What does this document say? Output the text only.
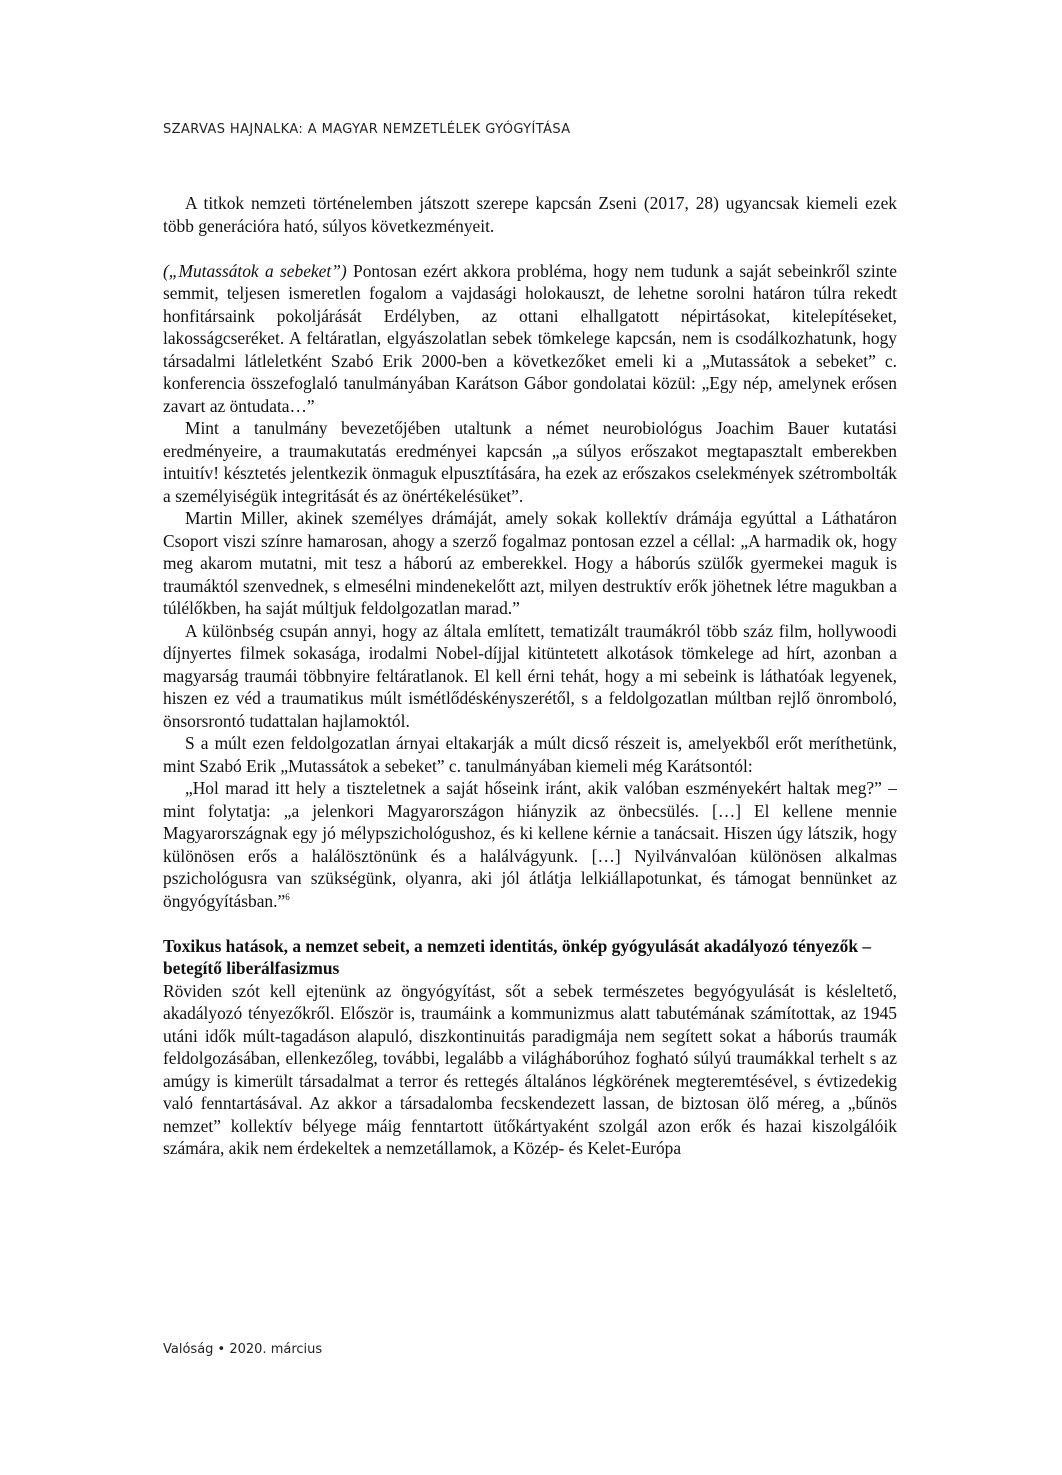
SZARVAS HAJNALKA: A MAGYAR NEMZETLÉLEK GYÓGYÍTÁSA

A titkok nemzeti történelemben játszott szerepe kapcsán Zseni (2017, 28) ugyancsak kiemeli ezek több generációra ható, súlyos következményeit.

(„Mutassátok a sebeket”) Pontosan ezért akkora probléma, hogy nem tudunk a saját sebeinkről szinte semmit, teljesen ismeretlen fogalom a vajdasági holokauszt, de lehetne sorolni határon túlra rekedt honfitársaink pokoljárását Erdélyben, az ottani elhallgatott népirtásokat, kitelepítéseket, lakosságcseréket. A feltáratlan, elgyászolatlan sebek tömkelege kapcsán, nem is csodálkozhatunk, hogy társadalmi látleletként Szabó Erik 2000-ben a következőket emeli ki a „Mutassátok a sebeket” c. konferencia összefoglaló tanulmányában Karátson Gábor gondolatai közül: „Egy nép, amelynek erősen zavart az öntudata…”

Mint a tanulmány bevezetőjében utaltunk a német neurobiológus Joachim Bauer kutatási eredményeire, a traumakutatás eredményei kapcsán „a súlyos erőszakot megtapasztalt emberekben intuitív! késztetés jelentkezik önmaguk elpusztítására, ha ezek az erőszakos cselekmények szétrombolták a személyiségük integritását és az önértékelésüket”.

Martin Miller, akinek személyes drámáját, amely sokak kollektív drámája egyúttal a Láthatáron Csoport viszi színre hamarosan, ahogy a szerző fogalmaz pontosan ezzel a céllal: „A harmadik ok, hogy meg akarom mutatni, mit tesz a háború az emberekkel. Hogy a háborús szülők gyermekei maguk is traumáktól szenvednek, s elmesélni mindenekelőtt azt, milyen destruktív erők jöhetnek létre magukban a túlélőkben, ha saját múltjuk feldolgozatlan marad.”

A különbség csupán annyi, hogy az általa említett, tematizált traumákról több száz film, hollywoodi díjnyertes filmek sokasága, irodalmi Nobel-díjjal kitüntetett alkotások tömkelege ad hírt, azonban a magyarság traumái többnyire feltáratlanok. El kell érni tehát, hogy a mi sebeink is láthatóak legyenek, hiszen ez véd a traumatikus múlt ismétlődéskényszerétől, s a feldolgozatlan múltban rejlő önromboló, önsorsrontó tudattalan hajlamoktól.

S a múlt ezen feldolgozatlan árnyai eltakarják a múlt dicső részeit is, amelyekből erőt meríthetünk, mint Szabó Erik „Mutassátok a sebeket” c. tanulmányában kiemeli még Karátsontól:

„Hol marad itt hely a tiszteletnek a saját hőseink iránt, akik valóban eszményekért haltak meg?” – mint folytatja: „a jelenkori Magyarországon hiányzik az önbecsülés. […] El kellene mennie Magyarországnak egy jó mélypszichológushoz, és ki kellene kérnie a tanácsait. Hiszen úgy látszik, hogy különösen erős a halálösztönünk és a halálvágyunk. […] Nyilvánvalóan különösen alkalmas pszichológusra van szükségünk, olyanra, aki jól átlátja lelkiállapotunkat, és támogat bennünket az öngyógyításban.”$^6$

Toxikus hatások, a nemzet sebeit, a nemzeti identitás, önkép gyógyulását akadályozó tényezők – betegítő liberálfasizmus

Röviden szót kell ejtenünk az öngyógyítást, sőt a sebek természetes begyógyulását is késleltető, akadályozó tényezőkről. Először is, traumáink a kommunizmus alatt tabutémának számítottak, az 1945 utáni idők múlt-tagadáson alapuló, diszkontinuitás paradigmája nem segített sokat a háborús traumák feldolgozásában, ellenkezőleg, további, legalább a világháborúhoz fogható súlyú traumákkal terhelt s az amúgy is kimerült társadalmat a terror és rettegés általános légkörének megteremtésével, s évtizedekig való fenntartásával. Az akkor a társadalomba fecskendezett lassan, de biztosan ölő méreg, a „bűnös nemzet” kollektív bélyege máig fenntartott ütőkártyaként szolgál azon erők és hazai kiszolgálóik számára, akik nem érdekeltek a nemzetállamok, a Közép- és Kelet-Európa

Valóság • 2020. március
